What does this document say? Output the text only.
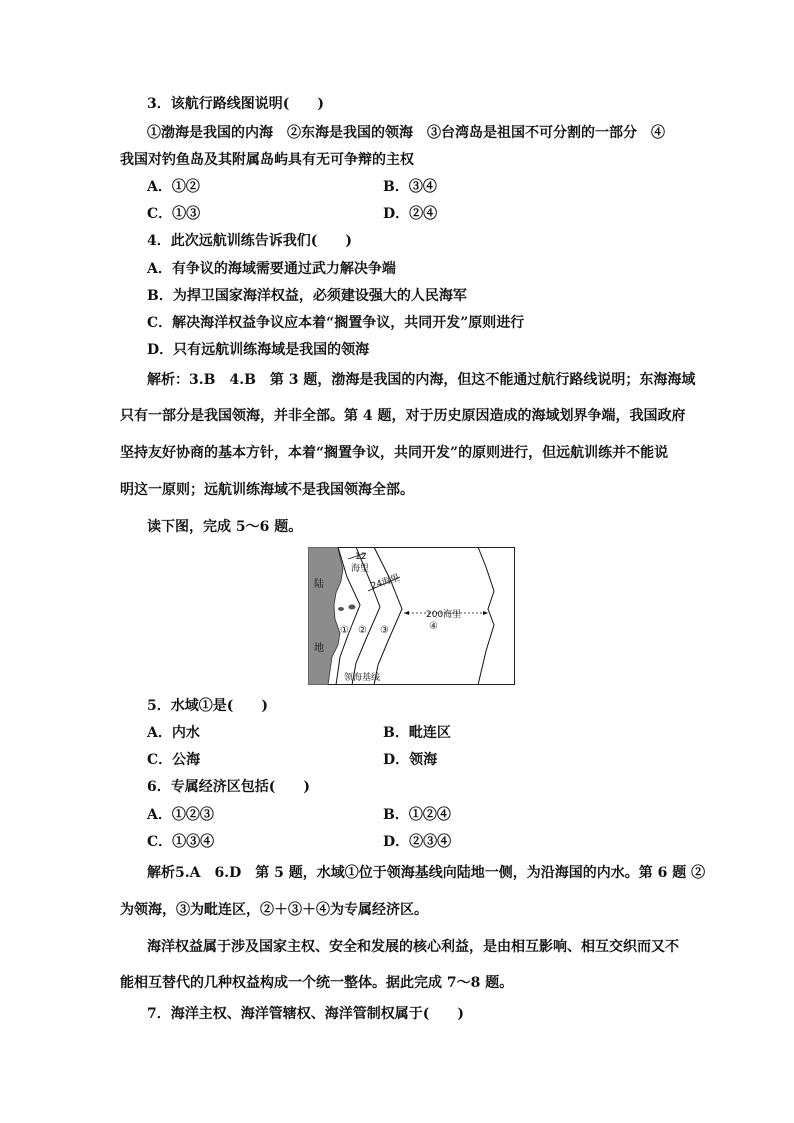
3．该航行路线图说明(　　)
①渤海是我国的内海　②东海是我国的领海　③台湾岛是祖国不可分割的一部分　④
我国对钓鱼岛及其附属岛屿具有无可争辩的主权
A．①②	B．③④
C．①③	D．②④
4．此次远航训练告诉我们(　　)
A．有争议的海域需要通过武力解决争端
B．为捍卫国家海洋权益，必须建设强大的人民海军
C．解决海洋权益争议应本着“搁置争议，共同开发”原则进行
D．只有远航训练海域是我国的领海
解析：3.B　4.B　第 3 题，渤海是我国的内海，但这不能通过航行路线说明；东海海域
只有一部分是我国领海，并非全部。第 4 题，对于历史原因造成的海域划界争端，我国政府
坚持友好协商的基本方针，本着“搁置争议，共同开发”的原则进行，但远航训练并不能说
明这一原则；远航训练海域不是我国领海全部。
读下图，完成 5～6 题。
陆
地
12
海里
24海里
200海里
① ② ③	④
领海基线
5．水域①是(　　)
A．内水	B．毗连区
C．公海	D．领海
6．专属经济区包括(　　)
A．①②③	B．①②④
C．①③④	D．②③④
解析5.A　6.D　第 5 题，水域①位于领海基线向陆地一侧，为沿海国的内水。第 6 题 ②
为领海，③为毗连区，②＋③＋④为专属经济区。
海洋权益属于涉及国家主权、安全和发展的核心利益，是由相互影响、相互交织而又不
能相互替代的几种权益构成一个统一整体。据此完成 7～8 题。
7．海洋主权、海洋管辖权、海洋管制权属于(　　)
